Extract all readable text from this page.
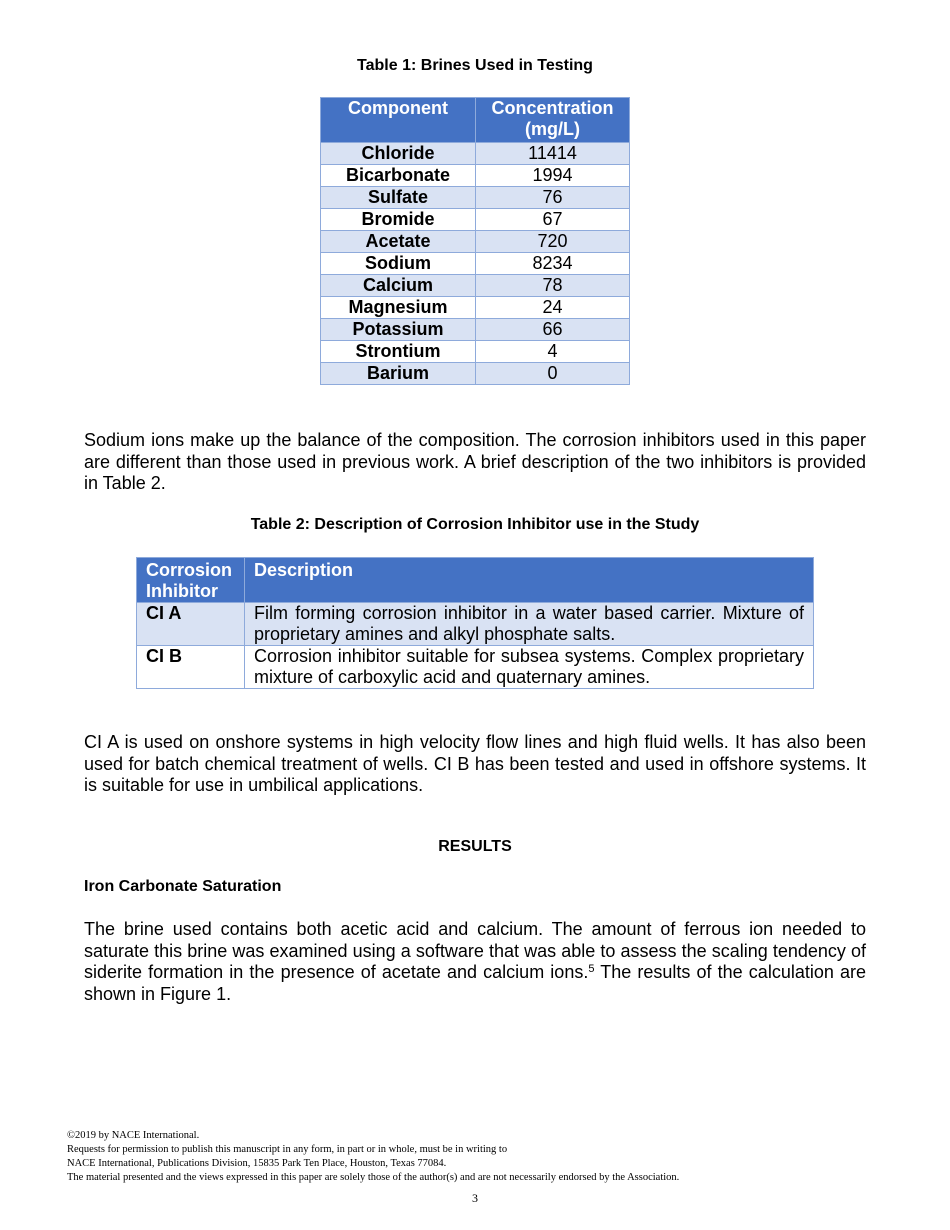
Table 1: Brines Used in Testing
Component	Concentration (mg/L)
Chloride	11414
Bicarbonate	1994
Sulfate	76
Bromide	67
Acetate	720
Sodium	8234
Calcium	78
Magnesium	24
Potassium	66
Strontium	4
Barium	0

Sodium ions make up the balance of the composition. The corrosion inhibitors used in this paper are different than those used in previous work. A brief description of the two inhibitors is provided in Table 2.

Table 2: Description of Corrosion Inhibitor use in the Study
Corrosion Inhibitor	Description
CI A	Film forming corrosion inhibitor in a water based carrier. Mixture of proprietary amines and alkyl phosphate salts.
CI B	Corrosion inhibitor suitable for subsea systems. Complex proprietary mixture of carboxylic acid and quaternary amines.

CI A is used on onshore systems in high velocity flow lines and high fluid wells. It has also been used for batch chemical treatment of wells. CI B has been tested and used in offshore systems. It is suitable for use in umbilical applications.

RESULTS
Iron Carbonate Saturation

The brine used contains both acetic acid and calcium. The amount of ferrous ion needed to saturate this brine was examined using a software that was able to assess the scaling tendency of siderite formation in the presence of acetate and calcium ions.$^5$ The results of the calculation are shown in Figure 1.

©2019 by NACE International.
Requests for permission to publish this manuscript in any form, in part or in whole, must be in writing to
NACE International, Publications Division, 15835 Park Ten Place, Houston, Texas 77084.
The material presented and the views expressed in this paper are solely those of the author(s) and are not necessarily endorsed by the Association.
3
